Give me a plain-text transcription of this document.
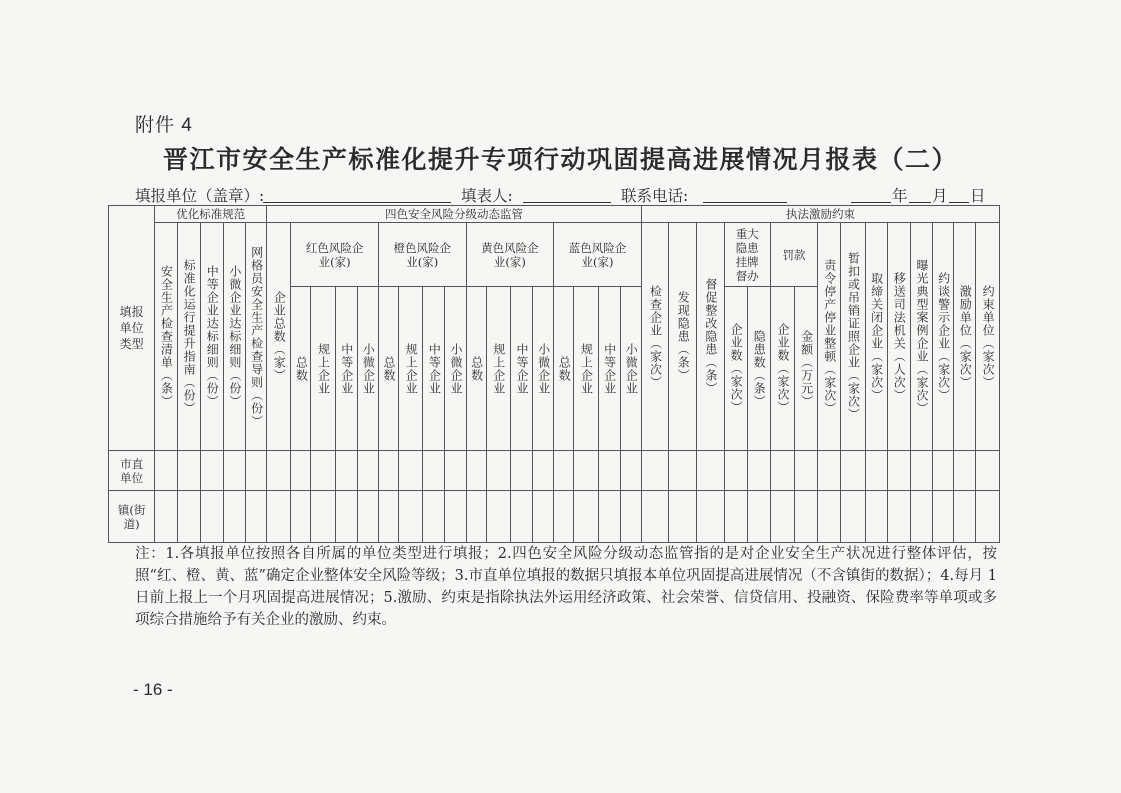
附件 4
晋江市安全生产标准化提升专项行动巩固提高进展情况月报表（二）
填报单位（盖章）:	填表人:	联系电话:	年 月 日
填报单位类型	优化标准规范					四色安全风险分级动态监管																	执法激励约束														

	安全生产检查清单（条）	标准化运行提升指南（份）	中等企业达标细则（份）	小微企业达标细则（份）	网格员安全生产检查导则（份）	企业总数（家）	红色风险企业(家)				橙色风险企业(家)				黄色风险企业(家)				蓝色风险企业(家)				检查企业（家次）	发现隐患（条）	督促整改隐患（条）	重大隐患挂牌督办		罚款		责令停产停业整顿（家次）	暂扣或吊销证照企业（家次）	取缔关闭企业（家次）	移送司法机关（人次）	曝光典型案例企业（家次）	约谈警示企业（家次）	激励单位（家次）	约束单位（家次）

							总数	规上企业	中等企业	小微企业	总数	规上企业	中等企业	小微企业	总数	规上企业	中等企业	小微企业	总数	规上企业	中等企业	小微企业				企业数（家次）	隐患数（条）	企业数（家次）	金额（万元）								

市直单位																																					

镇(街道)																																					

注：1.各填报单位按照各自所属的单位类型进行填报；2.四色安全风险分级动态监管指的是对企业安全生产状况进行整体评估，按照“红、橙、黄、蓝”确定企业整体安全风险等级；3.市直单位填报的数据只填报本单位巩固提高进展情况（不含镇街的数据）；4.每月 1 日前上报上一个月巩固提高进展情况；5.激励、约束是指除执法外运用经济政策、社会荣誉、信贷信用、投融资、保险费率等单项或多项综合措施给予有关企业的激励、约束。
- 16 -
